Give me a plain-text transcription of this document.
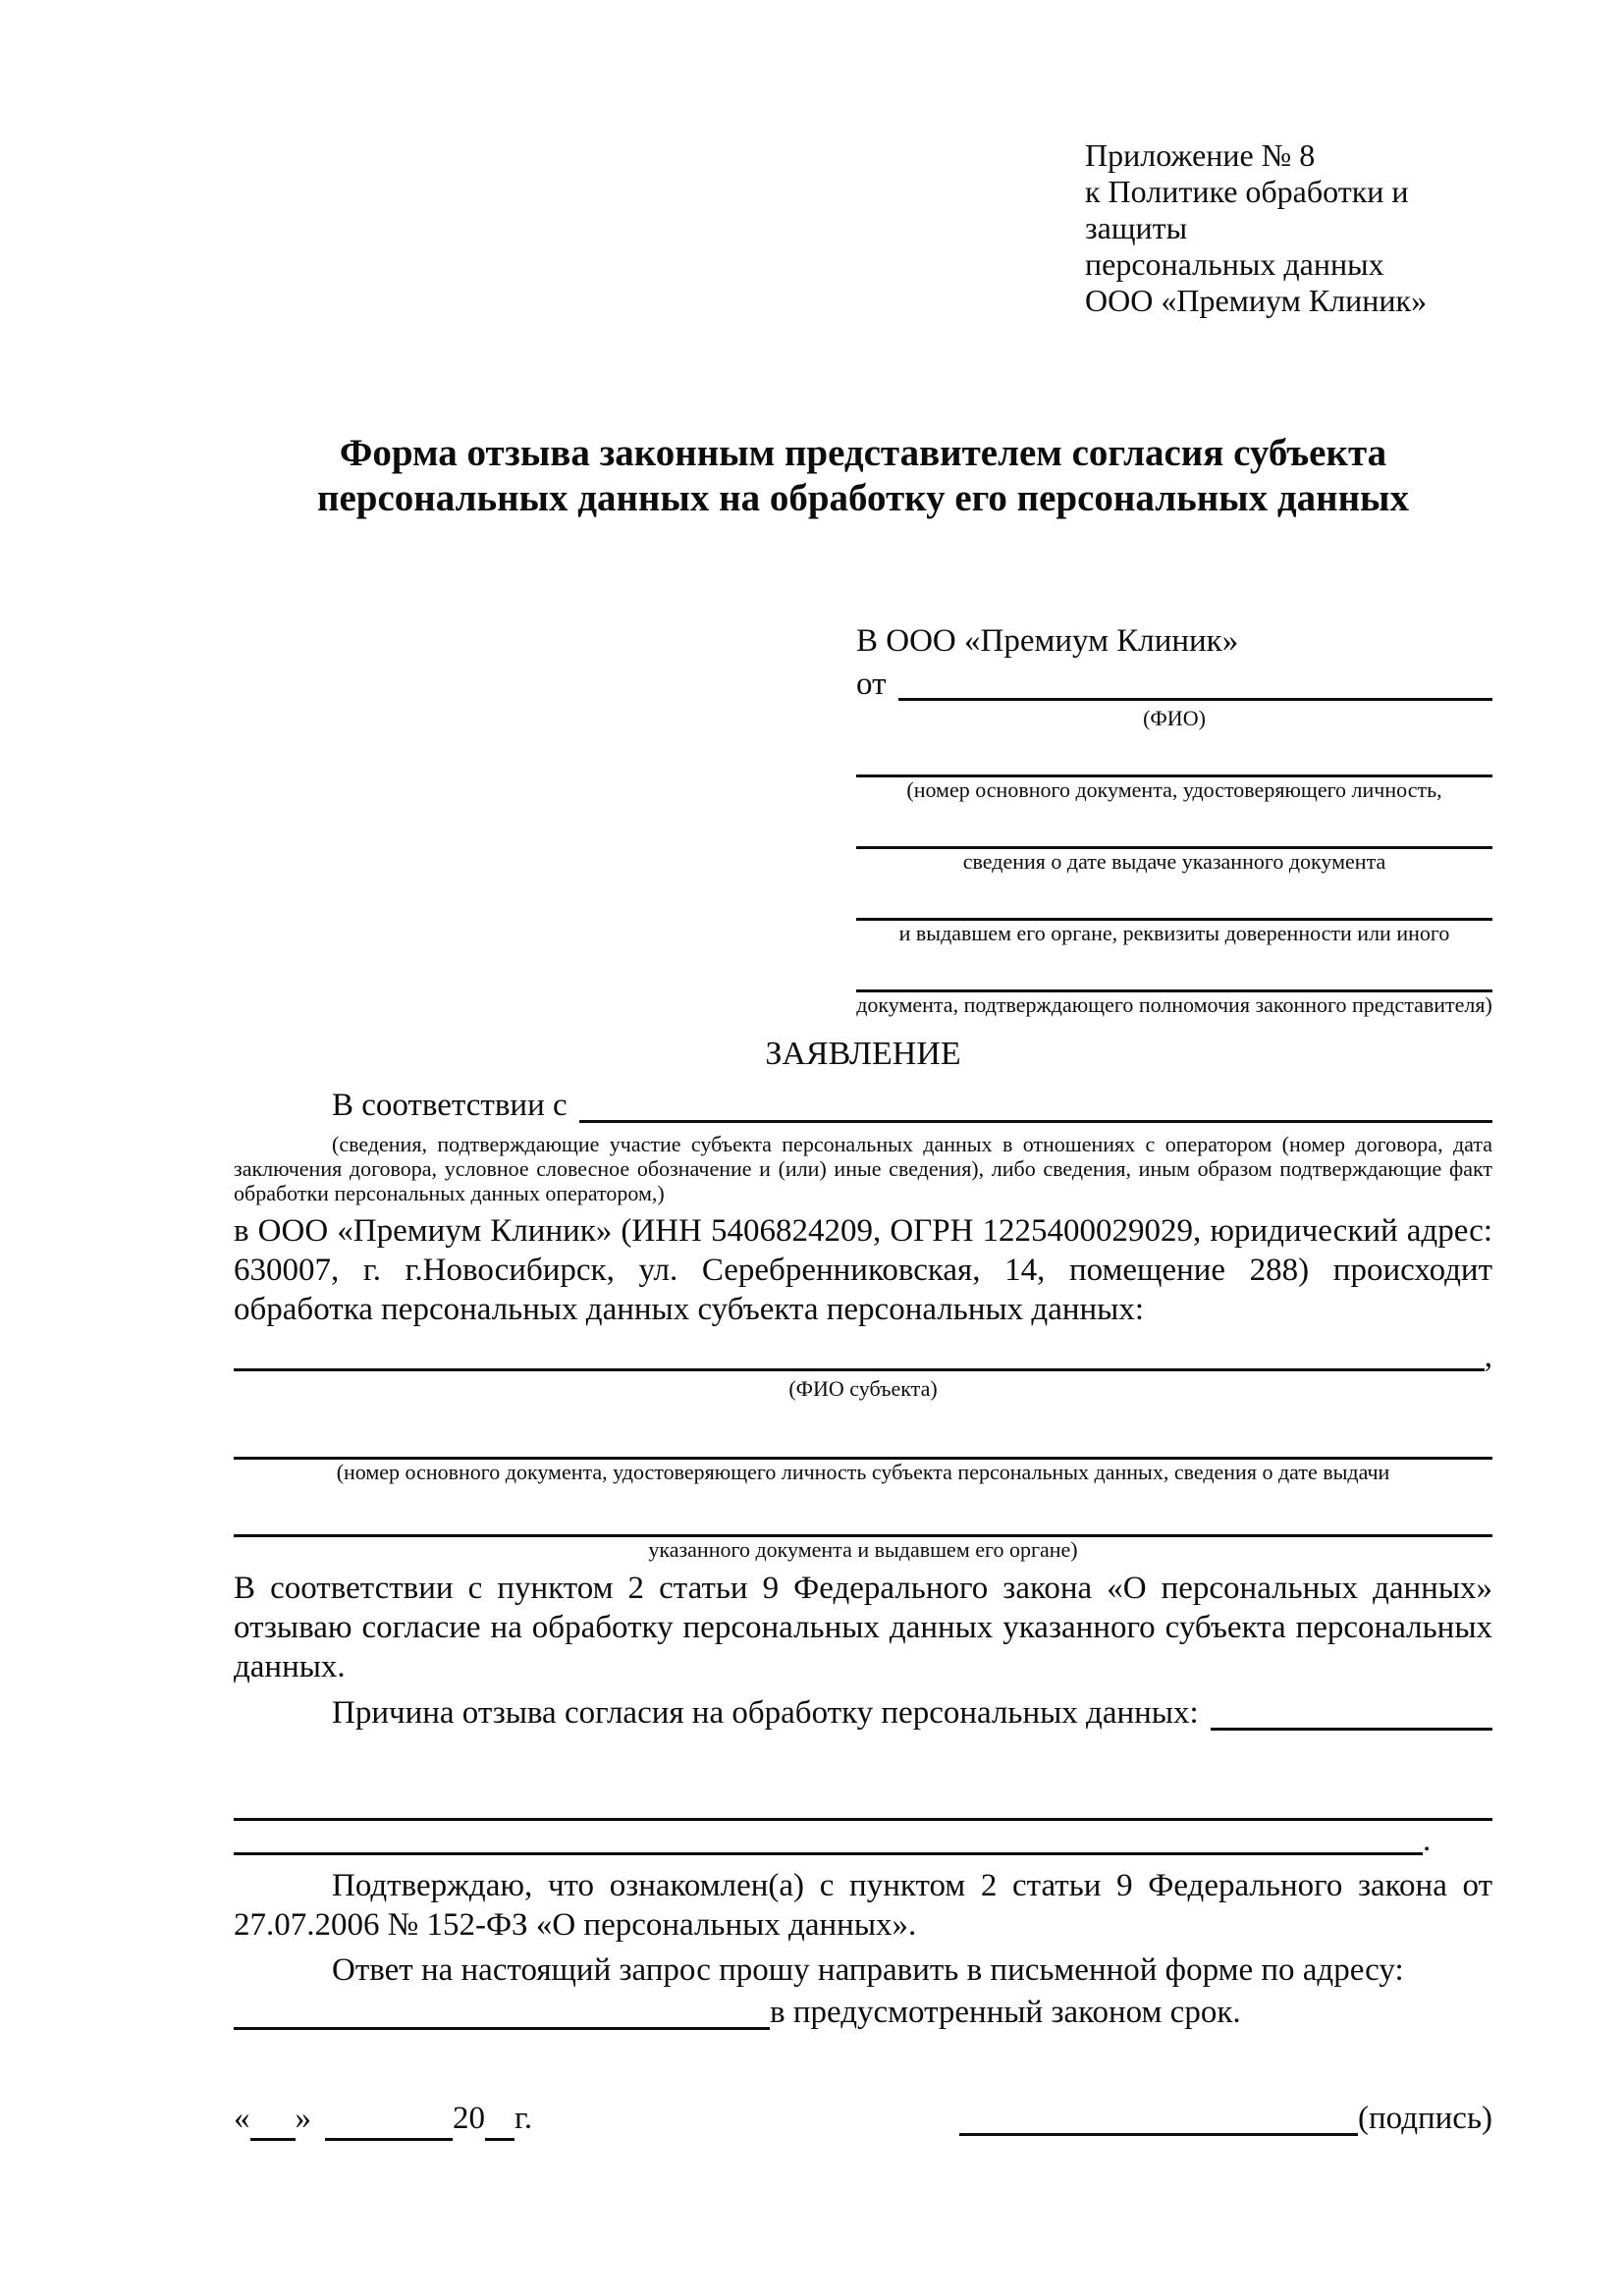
Приложение № 8
к Политике обработки и защиты
персональных данных
ООО «Премиум Клиник»
Форма отзыва законным представителем согласия субъекта персональных данных на обработку его персональных данных
В ООО «Премиум Клиник»
от
(ФИО)
(номер основного документа, удостоверяющего личность,
сведения о дате выдаче указанного документа
и выдавшем его органе, реквизиты доверенности или иного
документа, подтверждающего полномочия законного представителя)
ЗАЯВЛЕНИЕ
В соответствии с

(сведения, подтверждающие участие субъекта персональных данных в отношениях с оператором (номер договора, дата заключения договора, условное словесное обозначение и (или) иные сведения), либо сведения, иным образом подтверждающие факт обработки персональных данных оператором,)

в ООО «Премиум Клиник» (ИНН 5406824209, ОГРН 1225400029029, юридический адрес: 630007, г. г.Новосибирск, ул. Серебренниковская, 14, помещение 288) происходит обработка персональных данных субъекта персональных данных:

,
(ФИО субъекта)
(номер основного документа, удостоверяющего личность субъекта персональных данных, сведения о дате выдачи
указанного документа и выдавшем его органе)

В соответствии с пунктом 2 статьи 9 Федерального закона «О персональных данных» отзываю согласие на обработку персональных данных указанного субъекта персональных данных.

Причина отзыва согласия на обработку персональных данных:
.

Подтверждаю, что ознакомлен(а) с пунктом 2 статьи 9 Федерального закона от 27.07.2006 № 152-ФЗ «О персональных данных».

Ответ на настоящий запрос прошу направить в письменной форме по адресу:

в предусмотренный законом срок.
« »	20 г.	(подпись)
